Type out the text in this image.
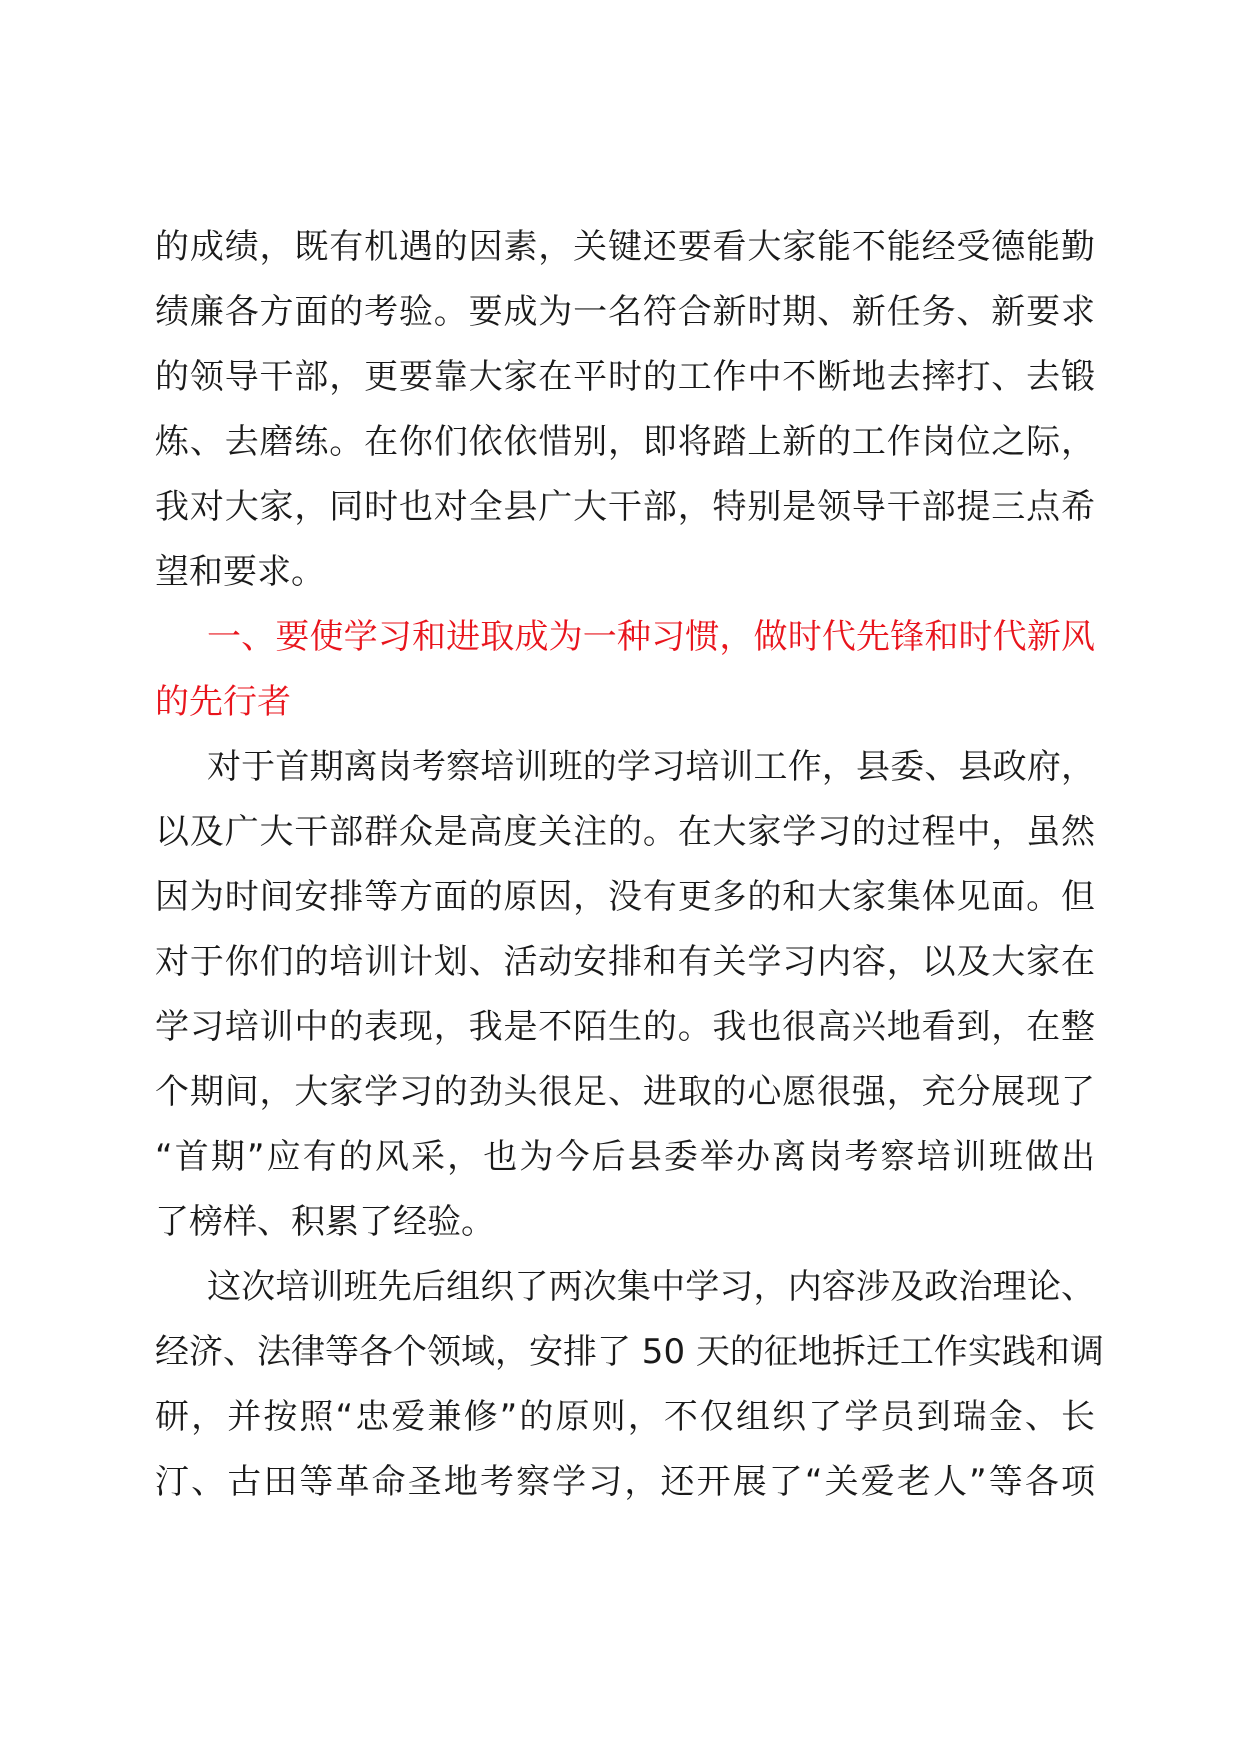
的成绩，既有机遇的因素，关键还要看大家能不能经受德能勤
绩廉各方面的考验。要成为一名符合新时期、新任务、新要求
的领导干部，更要靠大家在平时的工作中不断地去摔打、去锻
炼、去磨练。在你们依依惜别，即将踏上新的工作岗位之际，
我对大家，同时也对全县广大干部，特别是领导干部提三点希
望和要求。
一、要使学习和进取成为一种习惯，做时代先锋和时代新风
的先行者
对于首期离岗考察培训班的学习培训工作，县委、县政府，
以及广大干部群众是高度关注的。在大家学习的过程中，虽然
因为时间安排等方面的原因，没有更多的和大家集体见面。但
对于你们的培训计划、活动安排和有关学习内容，以及大家在
学习培训中的表现，我是不陌生的。我也很高兴地看到，在整
个期间，大家学习的劲头很足、进取的心愿很强，充分展现了
“首期”应有的风采，也为今后县委举办离岗考察培训班做出
了榜样、积累了经验。
这次培训班先后组织了两次集中学习，内容涉及政治理论、
经济、法律等各个领域，安排了 50 天的征地拆迁工作实践和调
研，并按照“忠爱兼修”的原则，不仅组织了学员到瑞金、长
汀、古田等革命圣地考察学习，还开展了“关爱老人”等各项
